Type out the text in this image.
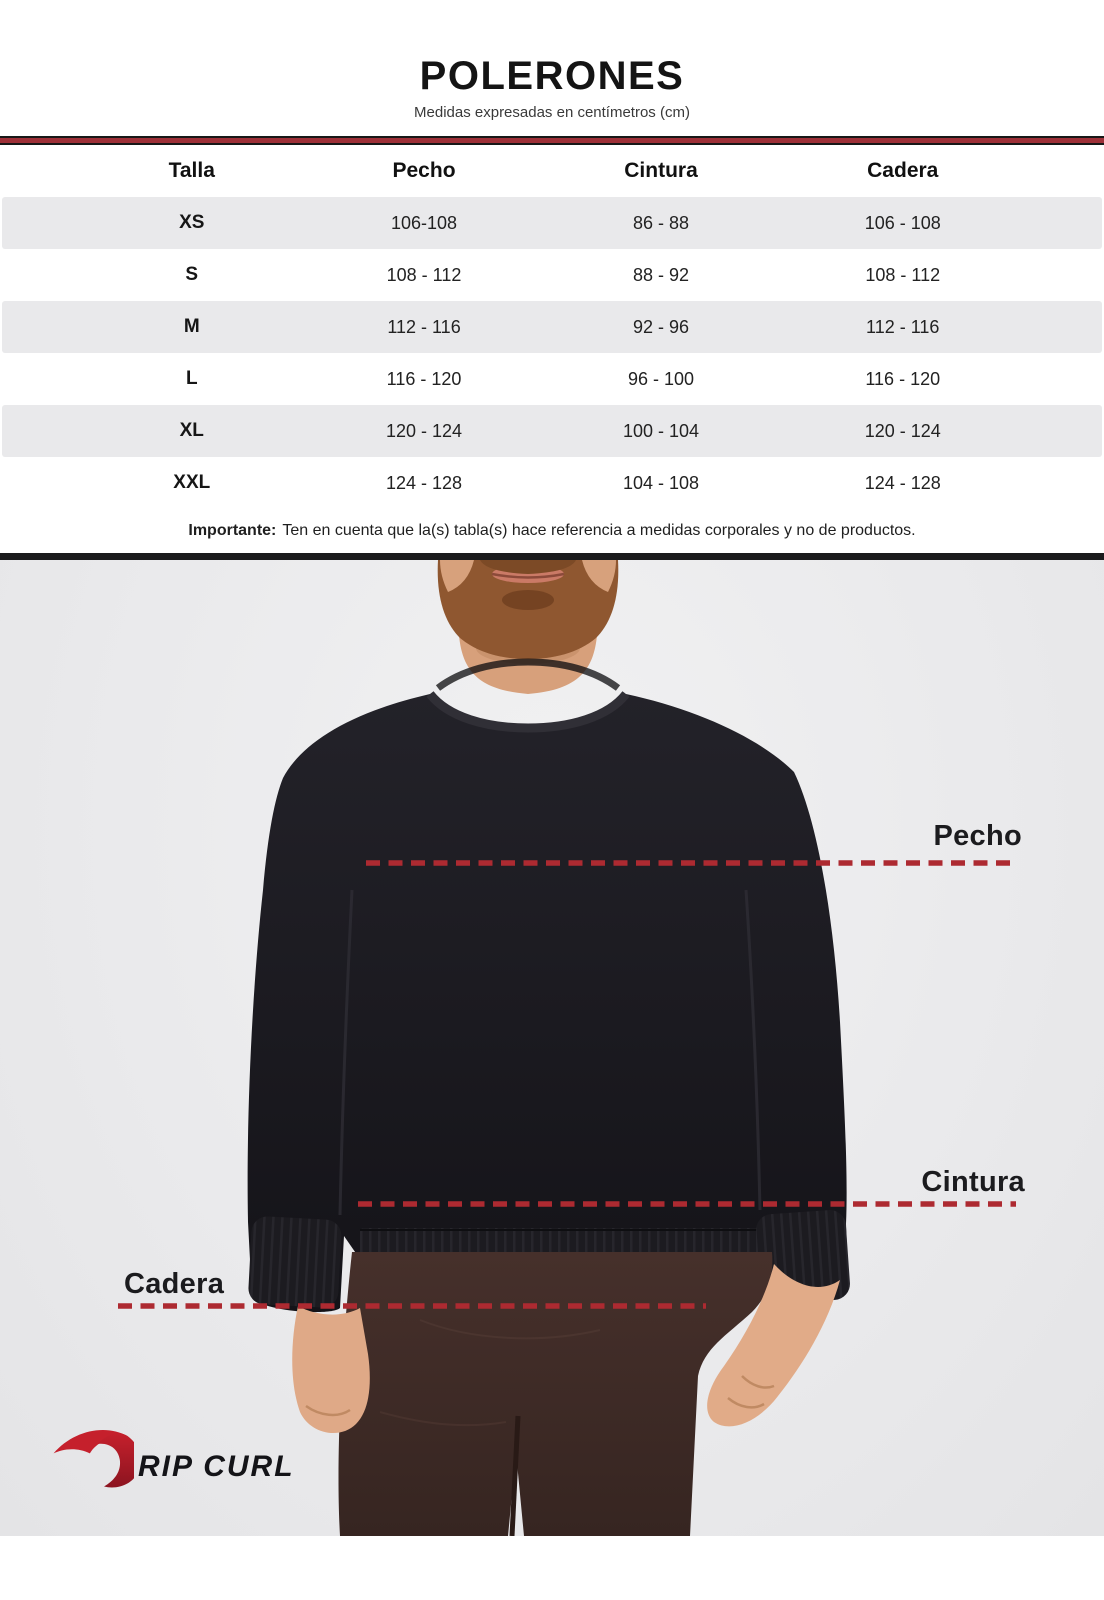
POLERONES
Medidas expresadas en centímetros (cm)
Talla	Pecho	Cintura	Cadera
XS	106-108	86 - 88	106 - 108
S	108 - 112	88 - 92	108 - 112
M	112 - 116	92 - 96	112 - 116
L	116 - 120	96 - 100	116 - 120
XL	120 - 124	100 - 104	120 - 124
XXL	124 - 128	104 - 108	124 - 128
Importante: Ten en cuenta que la(s) tabla(s) hace referencia a medidas corporales y no de productos.
Pecho
Cintura
Cadera
RIP CURL
